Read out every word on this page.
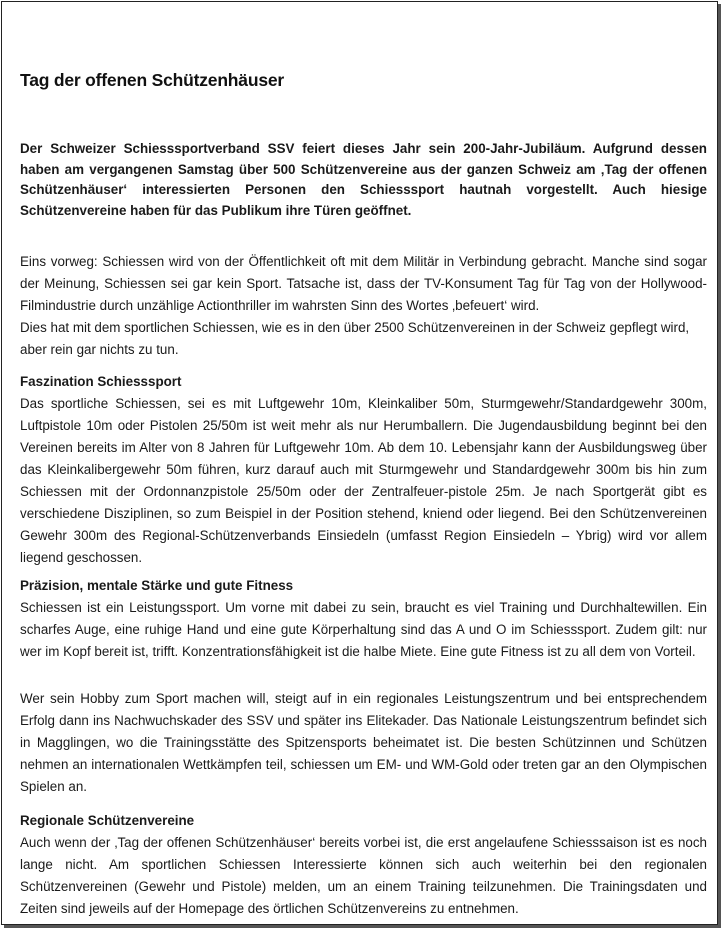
Tag der offenen Schützenhäuser

Der Schweizer Schiesssportverband SSV feiert dieses Jahr sein 200-Jahr-Jubiläum. Aufgrund dessen haben am vergangenen Samstag über 500 Schützenvereine aus der ganzen Schweiz am ‚Tag der offenen Schützenhäuser‘ interessierten Personen den Schiesssport hautnah vorgestellt. Auch hiesige Schützenvereine haben für das Publikum ihre Türen geöffnet.

Eins vorweg: Schiessen wird von der Öffentlichkeit oft mit dem Militär in Verbindung gebracht. Manche sind sogar der Meinung, Schiessen sei gar kein Sport. Tatsache ist, dass der TV-Konsument Tag für Tag von der Hollywood-Filmindustrie durch unzählige Actionthriller im wahrsten Sinn des Wortes ‚befeuert‘ wird.

Dies hat mit dem sportlichen Schiessen, wie es in den über 2500 Schützenvereinen in der Schweiz gepflegt wird, aber rein gar nichts zu tun.

Faszination Schiesssport

Das sportliche Schiessen, sei es mit Luftgewehr 10m, Kleinkaliber 50m, Sturmgewehr/Standardgewehr 300m, Luftpistole 10m oder Pistolen 25/50m ist weit mehr als nur Herumballern. Die Jugendausbildung beginnt bei den Vereinen bereits im Alter von 8 Jahren für Luftgewehr 10m. Ab dem 10. Lebensjahr kann der Ausbildungsweg über das Kleinkalibergewehr 50m führen, kurz darauf auch mit Sturmgewehr und Standardgewehr 300m bis hin zum Schiessen mit der Ordonnanzpistole 25/50m oder der Zentralfeuer-pistole 25m. Je nach Sportgerät gibt es verschiedene Disziplinen, so zum Beispiel in der Position stehend, kniend oder liegend. Bei den Schützenvereinen Gewehr 300m des Regional-Schützenverbands Einsiedeln (umfasst Region Einsiedeln – Ybrig) wird vor allem liegend geschossen.

Präzision, mentale Stärke und gute Fitness

Schiessen ist ein Leistungssport. Um vorne mit dabei zu sein, braucht es viel Training und Durchhaltewillen. Ein scharfes Auge, eine ruhige Hand und eine gute Körperhaltung sind das A und O im Schiesssport. Zudem gilt: nur wer im Kopf bereit ist, trifft. Konzentrationsfähigkeit ist die halbe Miete. Eine gute Fitness ist zu all dem von Vorteil.

Wer sein Hobby zum Sport machen will, steigt auf in ein regionales Leistungszentrum und bei entsprechendem Erfolg dann ins Nachwuchskader des SSV und später ins Elitekader. Das Nationale Leistungszentrum befindet sich in Magglingen, wo die Trainingsstätte des Spitzensports beheimatet ist. Die besten Schützinnen und Schützen nehmen an internationalen Wettkämpfen teil, schiessen um EM- und WM-Gold oder treten gar an den Olympischen Spielen an.

Regionale Schützenvereine

Auch wenn der ‚Tag der offenen Schützenhäuser‘ bereits vorbei ist, die erst angelaufene Schiesssaison ist es noch lange nicht. Am sportlichen Schiessen Interessierte können sich auch weiterhin bei den regionalen Schützenvereinen (Gewehr und Pistole) melden, um an einem Training teilzunehmen. Die Trainingsdaten und Zeiten sind jeweils auf der Homepage des örtlichen Schützenvereins zu entnehmen.
